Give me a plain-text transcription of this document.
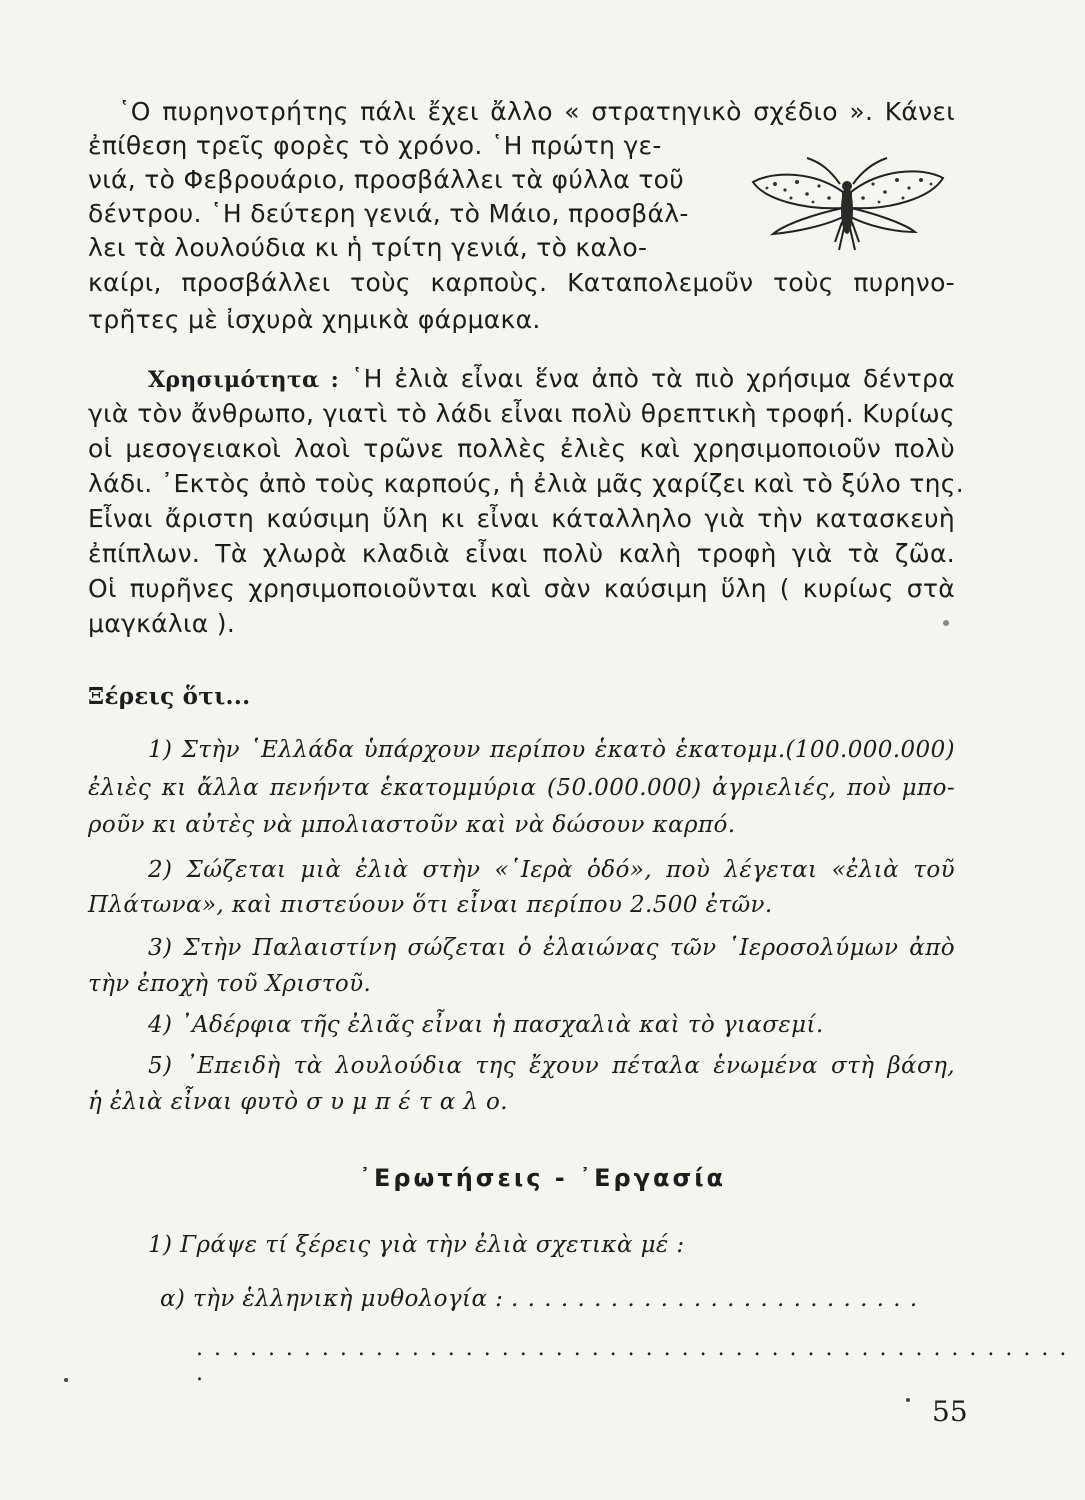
῾Ο πυρηνοτρήτης πάλι ἔχει ἄλλο « στρατηγικὸ σχέδιο ». Κάνει
ἐπίθεση τρεῖς φορὲς τὸ χρόνο. ῾Η πρώτη γε-
νιά, τὸ Φεβρουάριο, προσβάλλει τὰ φύλλα τοῦ
δέντρου. ῾Η δεύτερη γενιά, τὸ Μάιο, προσβάλ-
λει τὰ λουλούδια κι ἡ τρίτη γενιά, τὸ καλο-
καίρι, προσβάλλει τοὺς καρποὺς. Καταπολεμοῦν τοὺς πυρηνο-
τρῆτες μὲ ἰσχυρὰ χημικὰ φάρμακα.
Χρησιμότητα : ῾Η ἐλιὰ εἶναι ἕνα ἀπὸ τὰ πιὸ χρήσιμα δέντρα
γιὰ τὸν ἄνθρωπο, γιατὶ τὸ λάδι εἶναι πολὺ θρεπτικὴ τροφή. Κυρίως
οἱ μεσογειακοὶ λαοὶ τρῶνε πολλὲς ἐλιὲς καὶ χρησιμοποιοῦν πολὺ
λάδι. ᾿Εκτὸς ἀπὸ τοὺς καρπούς, ἡ ἐλιὰ μᾶς χαρίζει καὶ τὸ ξύλο της.
Εἶναι ἄριστη καύσιμη ὕλη κι εἶναι κάταλληλο γιὰ τὴν κατασκευὴ
ἐπίπλων. Τὰ χλωρὰ κλαδιὰ εἶναι πολὺ καλὴ τροφὴ γιὰ τὰ ζῶα.
Οἱ πυρῆνες χρησιμοποιοῦνται καὶ σὰν καύσιμη ὕλη ( κυρίως στὰ
μαγκάλια ).
Ξέρεις ὅτι...
1) Στὴν ῾Ελλάδα ὑπάρχουν περίπου ἑκατὸ ἑκατομμ.(100.000.000)
ἐλιὲς κι ἄλλα πενήντα ἑκατομμύρια (50.000.000) ἀγριελιές, ποὺ μπο-
ροῦν κι αὐτὲς νὰ μπολιαστοῦν καὶ νὰ δώσουν καρπό.
2) Σώζεται μιὰ ἐλιὰ στὴν «῾Ιερὰ ὁδό», ποὺ λέγεται «ἐλιὰ τοῦ
Πλάτωνα», καὶ πιστεύουν ὅτι εἶναι περίπου 2.500 ἐτῶν.
3) Στὴν Παλαιστίνη σώζεται ὁ ἐλαιώνας τῶν ῾Ιεροσολύμων ἀπὸ
τὴν ἐποχὴ τοῦ Χριστοῦ.
4) ᾿Αδέρφια τῆς ἐλιᾶς εἶναι ἡ πασχαλιὰ καὶ τὸ γιασεμί.
5) ᾿Επειδὴ τὰ λουλούδια της ἔχουν πέταλα ἑνωμένα στὴ βάση,
ἡ ἐλιὰ εἶναι φυτὸ σ υ μ π έ τ α λ ο.
᾿Ερωτήσεις - ᾿Εργασία
1) Γράψε τί ξέρεις γιὰ τὴν ἐλιὰ σχετικὰ μέ :
α) τὴν ἑλληνικὴ μυθολογία : . . . . . . . . . . . . . . . . . . . . . . . . .
. . . . . . . . . . . . . . . . . . . . . . . . . . . . . . . . . . . . . . . . . . . . . . . . . .
55
